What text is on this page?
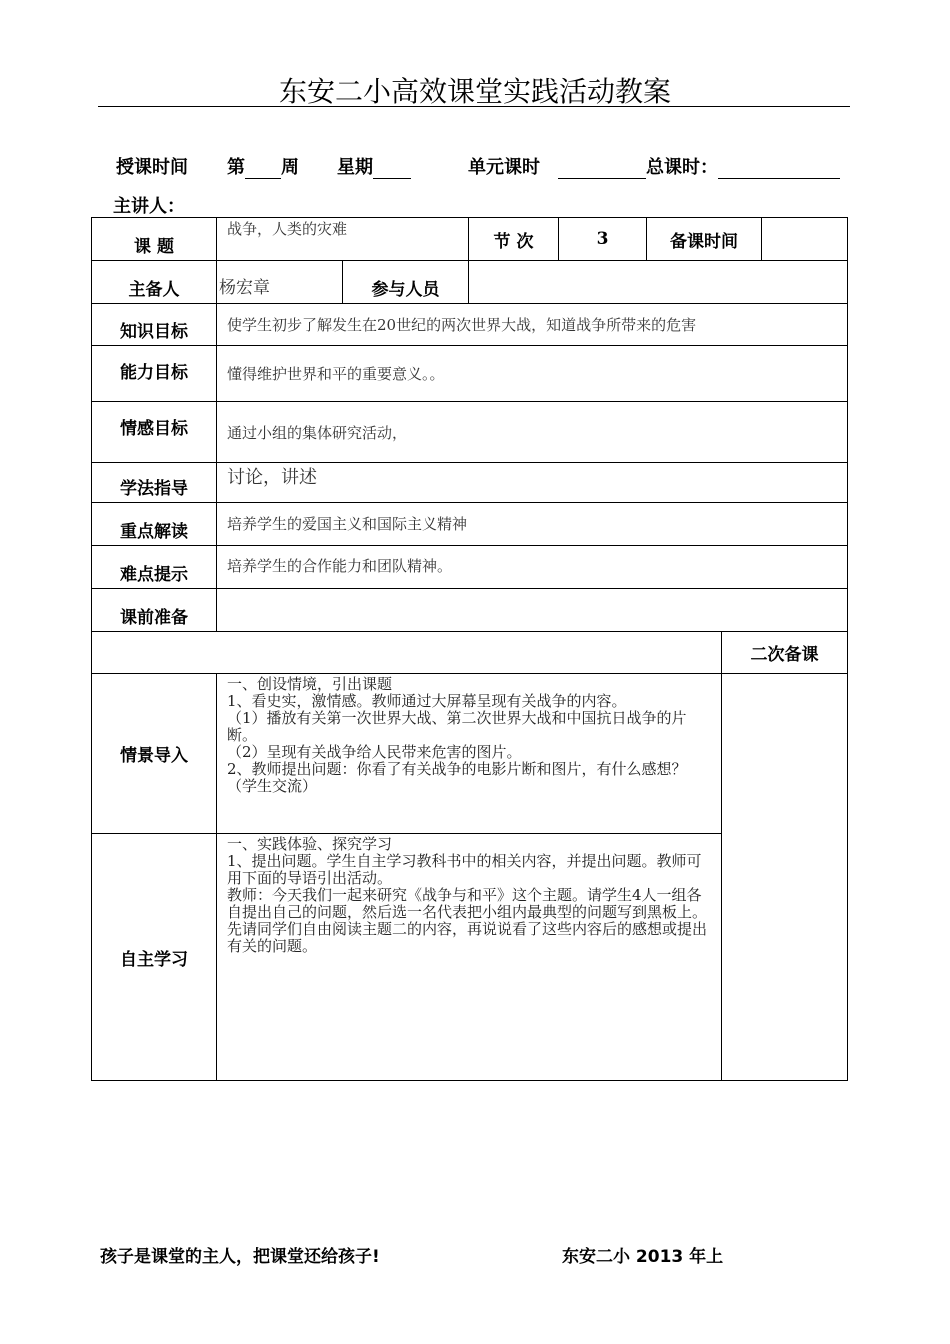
东安二小高效课堂实践活动教案
授课时间 第 周 星期	单元课时	总课时：
主讲人：
课 题	战争，人类的灾难		节 次	3	备课时间		
主备人	杨宏章	参与人员					
知识目标	使学生初步了解发生在20世纪的两次世界大战，知道战争所带来的危害						
能力目标	懂得维护世界和平的重要意义。。						
情感目标	通过小组的集体研究活动，						
学法指导	讨论，讲述						
重点解读	培养学生的爱国主义和国际主义精神						
难点提示	培养学生的合作能力和团队精神。						
课前准备							
						二次备课	
情景导入	一、创设情境，引出课题
1、看史实，激情感。教师通过大屏幕呈现有关战争的内容。
（1）播放有关第一次世界大战、第二次世界大战和中国抗日战争的片断。
（2）呈现有关战争给人民带来危害的图片。
2、教师提出问题：你看了有关战争的电影片断和图片，有什么感想？（学生交流）						

自主学习	一、实践体验、探究学习
1、提出问题。学生自主学习教科书中的相关内容，并提出问题。教师可用下面的导语引出活动。
教师：今天我们一起来研究《战争与和平》这个主题。请学生4人一组各自提出自己的问题，然后选一名代表把小组内最典型的问题写到黑板上。先请同学们自由阅读主题二的内容，再说说看了这些内容后的感想或提出有关的问题。						
孩子是课堂的主人，把课堂还给孩子!	东安二小 2013 年上
